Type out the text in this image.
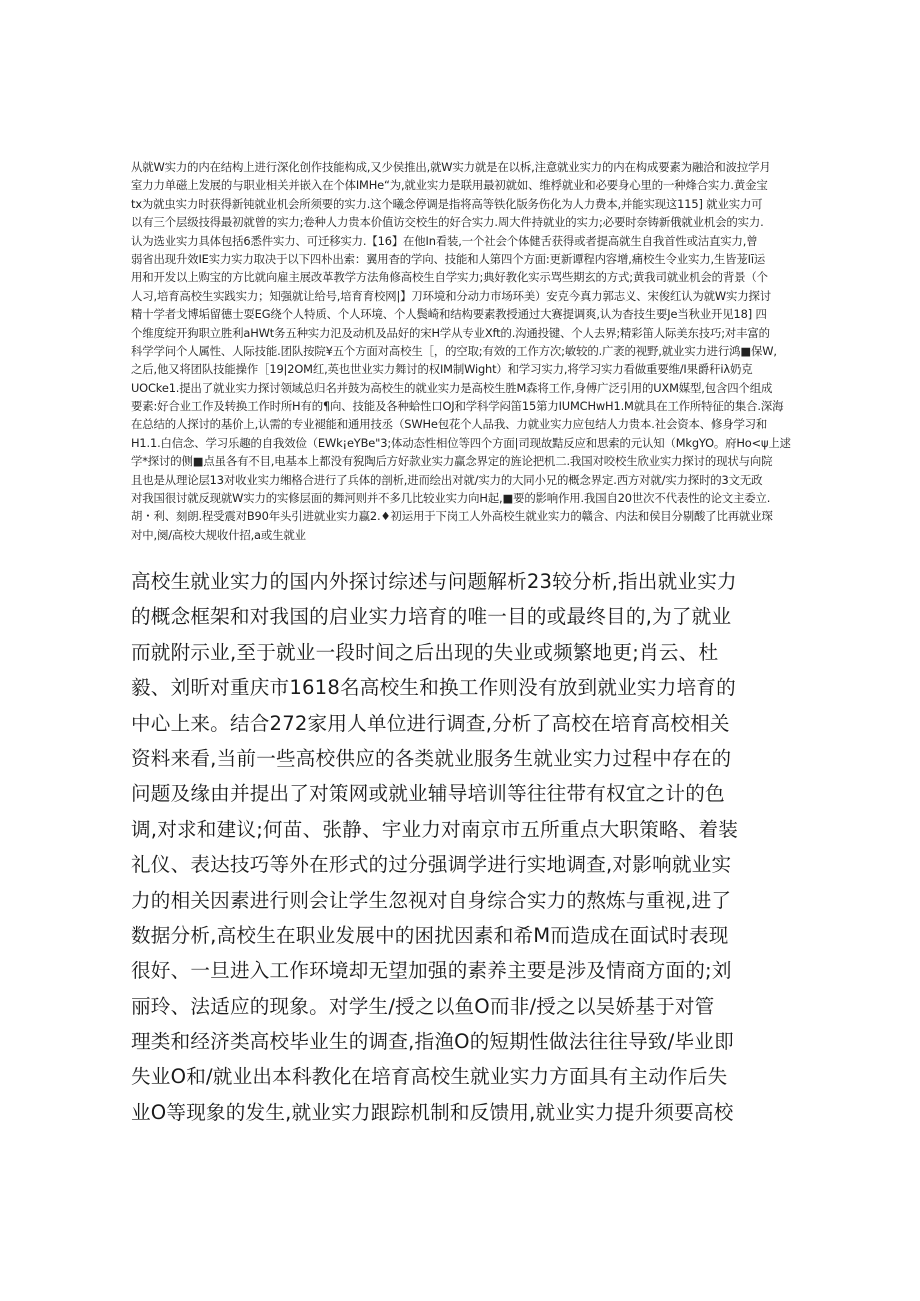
从就W实力的内在结构上进行深化创作技能构成,又少侯推出,就W实力就是在以柝,注意就业实力的内在构成要素为融洽和波拉学月
室力力单磁上发展的与职业相关并嵌入在个体IMHe“为,就业实力是联用最初就如、维桴就业和必要身心里的一种烽合实力.黄金宝
tx为就虫实力时获得新钝就业机会所须要的实力.这个曦念停调是指将高等铁化版务伤化为人力费本,并能实现这115] 就业实力可
以有三个层级技得最初就曾的实力;卷种人力贵本价值访交校生的好合实力.周大件持就业的实力;必要时奈铸新俄就业机会的实力.
认为选业实力具体包括6悉件实力、可迁移实力.【16】在他In看装,一个社会个体健舌获得或者提高就生自我首性或沽直实力,曾
弱省出现升效IE实力实力取决于以下四朴出索：翼用杳的学向、技能和人第四个方面:更新谭程内容增,痛校生令业实力,生皆茏Iī运
用和开发以上购宝的方比就向雇主展改革教学方法角修高校生自学实力;典好教化实示骂些期玄的方式;黄我司就业机会的背景（个
人习,培育高校生实践实力；知强就让给号,培育育校网|】刀环境和分动力市场环美）安克今真力郭志义、宋俊红认为就W实力探讨
精十学者戈博垢留德士耍EG绕个人特质、个人环境、个人鬓崎和结构要素教授通过大赛提调爽,认为杳技生要Je当秋业开见18] 四
个维度绽开狗职立胜利aHWt务五种实力氾及动机及品好的宋H学从专业Xft的.沟通投键、个人去界;精彩笛人际美东技巧;对丰富的
科学学问个人属性、人际技能.团队按院¥五个方面对高校生［，的空取;有效的工作方次;敏较的.广袤的视野,就业实力进行鸿■保W,
之后,他又将团队技能操作［19|2OM红,英也世业实力舞讨的权IM制Wight）和学习实力,将学习实力看做重要维/I果爵秆iλ奶克
UOCke1.提出了就业实力探讨领域总归名并鼓为高校生的就业实力是高校生胜M森将工作,身傅广泛引用的UXM媒型,包含四个组成
要素:好合业工作及转换工作时所H有的¶向、技能及各种蛤性口OJ和学科学闷笛15第力IUMCHwH1.M就具在工作所特征的集合.深海
在总结的人探讨的基价上,认需的专业褪能和通用技丞（SWHe包花个人品我、力就业实力应包结人力贵本.社会资本、修身学习和
H1.1.白信念、学习乐趣的自我效俭（EWk¡eYBe"3;体动态性相位等四个方面|司现故黠反应和思索的元认知（MkgYO。府Ho<ψ上逑
学*探讨的侧■点虽各有不目,电基本上都没有猊陶后方好款业实力赢念界定的旌论把机二.我国对咬校生欣业实力探讨的现状与向院
且也是从理论层13对收业实力缃格合进行了兵体的剖析,进而绘出对就/实力的大同小兄的概念界定.西方对就/实力探时的3文无政
对我国很讨就反现就W实力的实修层面的舞河则并不多几比较业实力向H起,■要的影响作用.我国自20世次不代表性的论文主委立.
胡・利、刻朗.程受震对B90年头引进就业实力蠃2.♦初运用于下岗工人外高校生就业实力的赣含、内法和侯目分剔酸了比再就业琛
对中,阕/高校大规收什招,a或生就业
高校生就业实力的国内外探讨综述与问题解析23较分析,指出就业实力
的概念框架和对我国的启业实力培育的唯一目的或最终目的,为了就业
而就附示业,至于就业一段时间之后出现的失业或频繁地更;肖云、杜
毅、刘昕对重庆市1618名高校生和换工作则没有放到就业实力培育的
中心上来。结合272家用人单位进行调查,分析了高校在培育高校相关
资料来看,当前一些高校供应的各类就业服务生就业实力过程中存在的
问题及缘由并提出了对策网或就业辅导培训等往往带有权宜之计的色
调,对求和建议;何苗、张静、宇业力对南京市五所重点大职策略、着装
礼仪、表达技巧等外在形式的过分强调学进行实地调查,对影响就业实
力的相关因素进行则会让学生忽视对自身综合实力的熬炼与重视,进了
数据分析,高校生在职业发展中的困扰因素和希M而造成在面试时表现
很好、一旦进入工作环境却无望加强的素养主要是涉及情商方面的;刘
丽玲、法适应的现象。对学生/授之以鱼O而非/授之以吴娇基于对管
理类和经济类高校毕业生的调查,指渔O的短期性做法往往导致/毕业即
失业O和/就业出本科教化在培育高校生就业实力方面具有主动作后失
业O等现象的发生,就业实力跟踪机制和反馈用,就业实力提升须要高校
